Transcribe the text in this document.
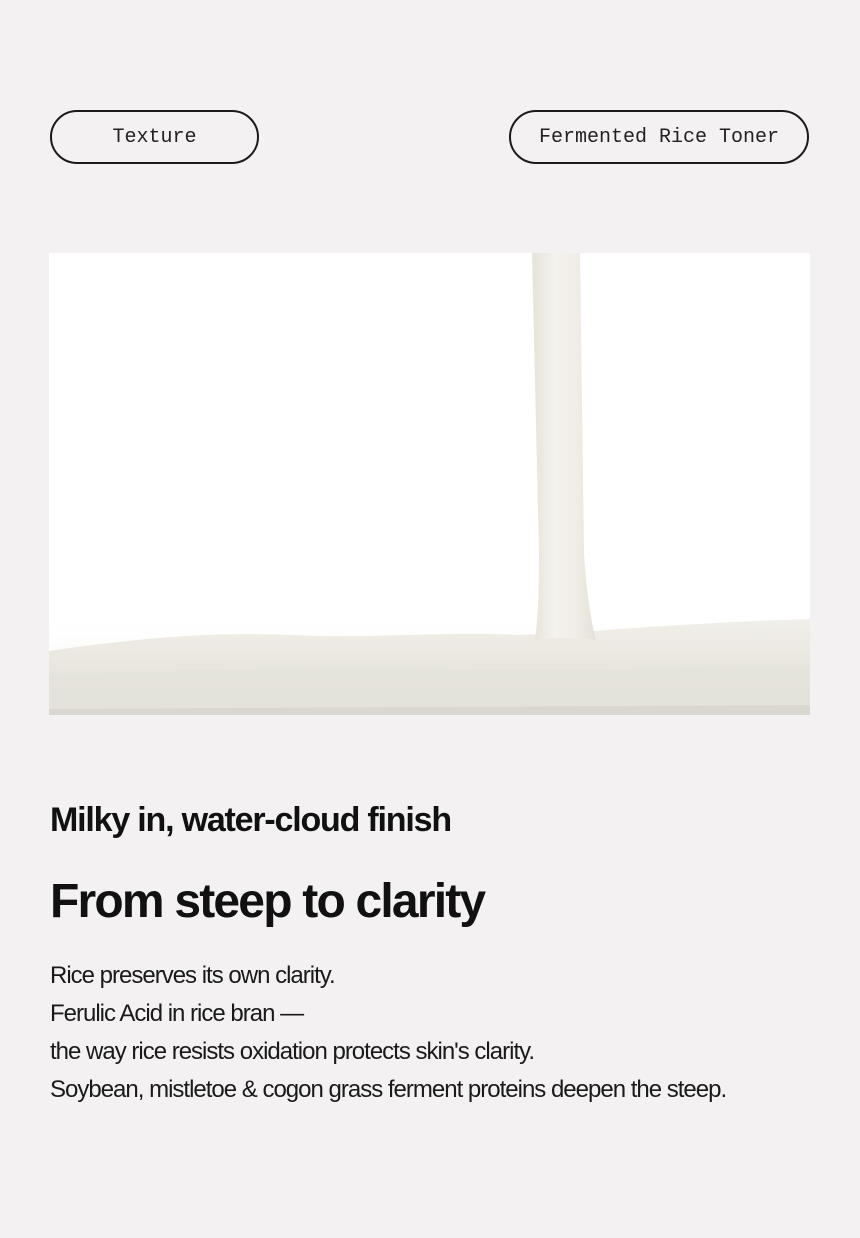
Texture	Fermented Rice Toner
Milky in, water-cloud finish
From steep to clarity
Rice preserves its own clarity.
Ferulic Acid in rice bran —
the way rice resists oxidation protects skin's clarity.
Soybean, mistletoe & cogon grass ferment proteins deepen the steep.
